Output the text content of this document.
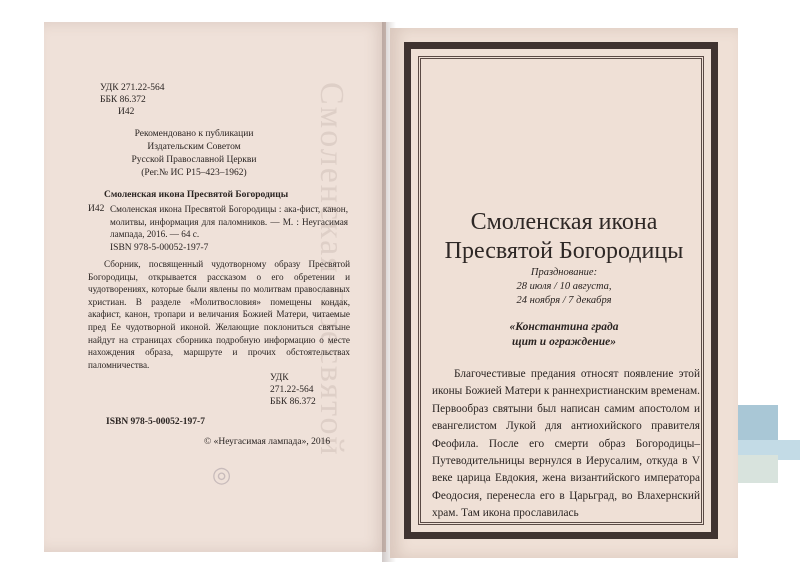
Смоленская Пресвятой
УДК 271.22-564
ББК 86.372
И42
Рекомендовано к публикации
Издательским Советом
Русской Православной Церкви
(Рег.№ ИС Р15–423–1962)
Смоленская икона Пресвятой Богородицы
И42 Смоленская икона Пресвятой Богородицы : ака-фист, канон, молитвы, информация для паломников. — М. : Неугасимая лампада, 2016. — 64 с.
ISBN 978-5-00052-197-7
Сборник, посвященный чудотворному образу Пресвятой Богородицы, открывается рассказом о его обретении и чудотворениях, которые были явлены по молитвам православных христиан. В разделе «Молитвословия» помещены кондак, акафист, канон, тропари и величания Божией Матери, читаемые пред Ее чудотворной иконой. Желающие поклониться святыне найдут на страницах сборника подробную информацию о месте нахождения образа, маршруте и прочих обстоятельствах паломничества.
УДК
271.22-564
ББК 86.372
ISBN 978-5-00052-197-7
© «Неугасимая лампада», 2016
◎
Смоленская икона
Пресвятой Богородицы
Празднование:
28 июля / 10 августа,
24 ноября / 7 декабря
«Константина града
щит и ограждение»
Благочестивые предания относят появление этой иконы Божией Матери к раннехристианским временам. Первообраз святыни был написан самим апостолом и евангелистом Лукой для антиохийского правителя Феофила. После его смерти образ Богородицы–Путеводительницы вернулся в Иерусалим, откуда в V веке царица Евдокия, жена византийского императора Феодосия, перенесла его в Царьград, во Влахернский храм. Там икона прославилась
